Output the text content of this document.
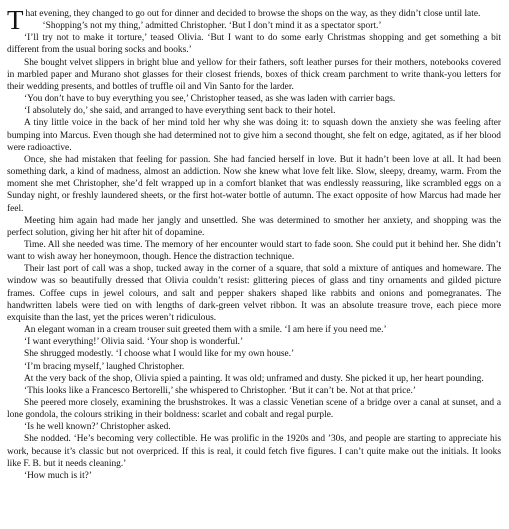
That evening, they changed to go out for dinner and decided to browse the shops on the way, as they didn’t close until late.

‘Shopping’s not my thing,’ admitted Christopher. ‘But I don’t mind it as a spectator sport.’

‘I’ll try not to make it torture,’ teased Olivia. ‘But I want to do some early Christmas shopping and get something a bit different from the usual boring socks and books.’

She bought velvet slippers in bright blue and yellow for their fathers, soft leather purses for their mothers, notebooks covered in marbled paper and Murano shot glasses for their closest friends, boxes of thick cream parchment to write thank-you letters for their wedding presents, and bottles of truffle oil and Vin Santo for the larder.

‘You don’t have to buy everything you see,’ Christopher teased, as she was laden with carrier bags.

‘I absolutely do,’ she said, and arranged to have everything sent back to their hotel.

A tiny little voice in the back of her mind told her why she was doing it: to squash down the anxiety she was feeling after bumping into Marcus. Even though she had determined not to give him a second thought, she felt on edge, agitated, as if her blood were radioactive.

Once, she had mistaken that feeling for passion. She had fancied herself in love. But it hadn’t been love at all. It had been something dark, a kind of madness, almost an addiction. Now she knew what love felt like. Slow, sleepy, dreamy, warm. From the moment she met Christopher, she’d felt wrapped up in a comfort blanket that was endlessly reassuring, like scrambled eggs on a Sunday night, or freshly laundered sheets, or the first hot-water bottle of autumn. The exact opposite of how Marcus had made her feel.

Meeting him again had made her jangly and unsettled. She was determined to smother her anxiety, and shopping was the perfect solution, giving her hit after hit of dopamine.

Time. All she needed was time. The memory of her encounter would start to fade soon. She could put it behind her. She didn’t want to wish away her honeymoon, though. Hence the distraction technique.

Their last port of call was a shop, tucked away in the corner of a square, that sold a mixture of antiques and homeware. The window was so beautifully dressed that Olivia couldn’t resist: glittering pieces of glass and tiny ornaments and gilded picture frames. Coffee cups in jewel colours, and salt and pepper shakers shaped like rabbits and onions and pomegranates. The handwritten labels were tied on with lengths of dark-green velvet ribbon. It was an absolute treasure trove, each piece more exquisite than the last, yet the prices weren’t ridiculous.

An elegant woman in a cream trouser suit greeted them with a smile. ‘I am here if you need me.’

‘I want everything!’ Olivia said. ‘Your shop is wonderful.’

She shrugged modestly. ‘I choose what I would like for my own house.’

‘I’m bracing myself,’ laughed Christopher.

At the very back of the shop, Olivia spied a painting. It was old; unframed and dusty. She picked it up, her heart pounding.

‘This looks like a Francesco Bertorelli,’ she whispered to Christopher. ‘But it can’t be. Not at that price.’

She peered more closely, examining the brushstrokes. It was a classic Venetian scene of a bridge over a canal at sunset, and a lone gondola, the colours striking in their boldness: scarlet and cobalt and regal purple.

‘Is he well known?’ Christopher asked.

She nodded. ‘He’s becoming very collectible. He was prolific in the 1920s and ’30s, and people are starting to appreciate his work, because it’s classic but not overpriced. If this is real, it could fetch five figures. I can’t quite make out the initials. It looks like F. B. but it needs cleaning.’

‘How much is it?’
